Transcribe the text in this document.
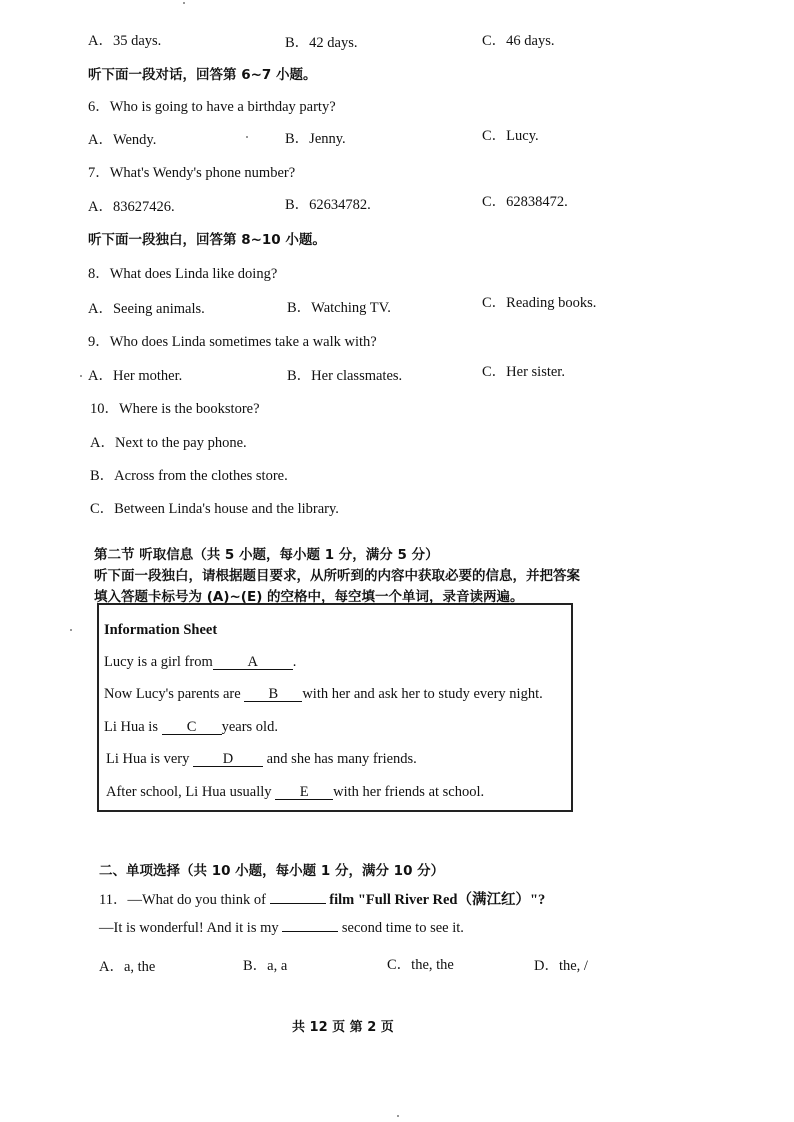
A．35 days.	B．42 days.	C．46 days.
听下面一段对话，回答第 6~7 小题。
6．Who is going to have a birthday party?
A．Wendy.	B．Jenny.	C．Lucy.
7．What's Wendy's phone number?
A．83627426.	B．62634782.	C．62838472.
听下面一段独白，回答第 8~10 小题。
8．What does Linda like doing?
A．Seeing animals.	B．Watching TV.	C．Reading books.
9．Who does Linda sometimes take a walk with?
A．Her mother.	B．Her classmates.	C．Her sister.
10．Where is the bookstore?
A．Next to the pay phone.
B．Across from the clothes store.
C．Between Linda's house and the library.
第二节 听取信息（共 5 小题，每小题 1 分，满分 5 分）
听下面一段独白，请根据题目要求，从所听到的内容中获取必要的信息，并把答案
填入答题卡标号为 (A)~(E) 的空格中，每空填一个单词，录音读两遍。
Information Sheet
Lucy is a girl from A .
Now Lucy's parents are B with her and ask her to study every night.
Li Hua is C years old.
Li Hua is very D and she has many friends.
After school, Li Hua usually E with her friends at school.
二、单项选择（共 10 小题，每小题 1 分，满分 10 分）
11．—What do you think of	film "Full River Red（满江红）"?
—It is wonderful! And it is my	second time to see it.
A．a, the	B．a, a	C．the, the	D．the, /
共 12 页 第 2 页
